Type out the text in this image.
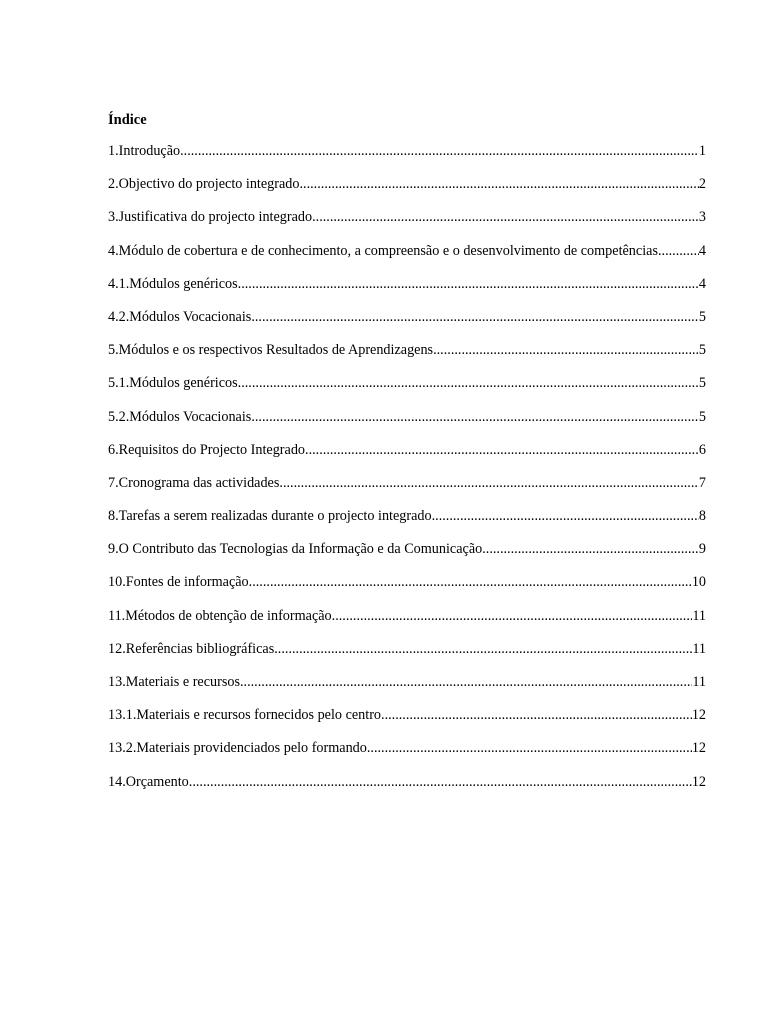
Índice
1.Introdução .....	1
2.Objectivo do projecto integrado .....	2
3.Justificativa do projecto integrado .....	3
4.Módulo de cobertura e de conhecimento, a compreensão e o desenvolvimento de competências. .....	4
4.1.Módulos genéricos .....	4
4.2.Módulos Vocacionais .....	5
5.Módulos e os respectivos Resultados de Aprendizagens .....	5
5.1.Módulos genéricos .....	5
5.2.Módulos Vocacionais .....	5
6.Requisitos do Projecto Integrado .....	6
7.Cronograma das actividades .....	7
8.Tarefas a serem realizadas durante o projecto integrado .....	8
9.O Contributo das Tecnologias da Informação e da Comunicação .....	9
10.Fontes de informação .....	10
11.Métodos de obtenção de informação .....	11
12.Referências bibliográficas .....	11
13.Materiais e recursos .....	11
13.1.Materiais e recursos fornecidos pelo centro .....	12
13.2.Materiais providenciados pelo formando .....	12
14.Orçamento .....	12
